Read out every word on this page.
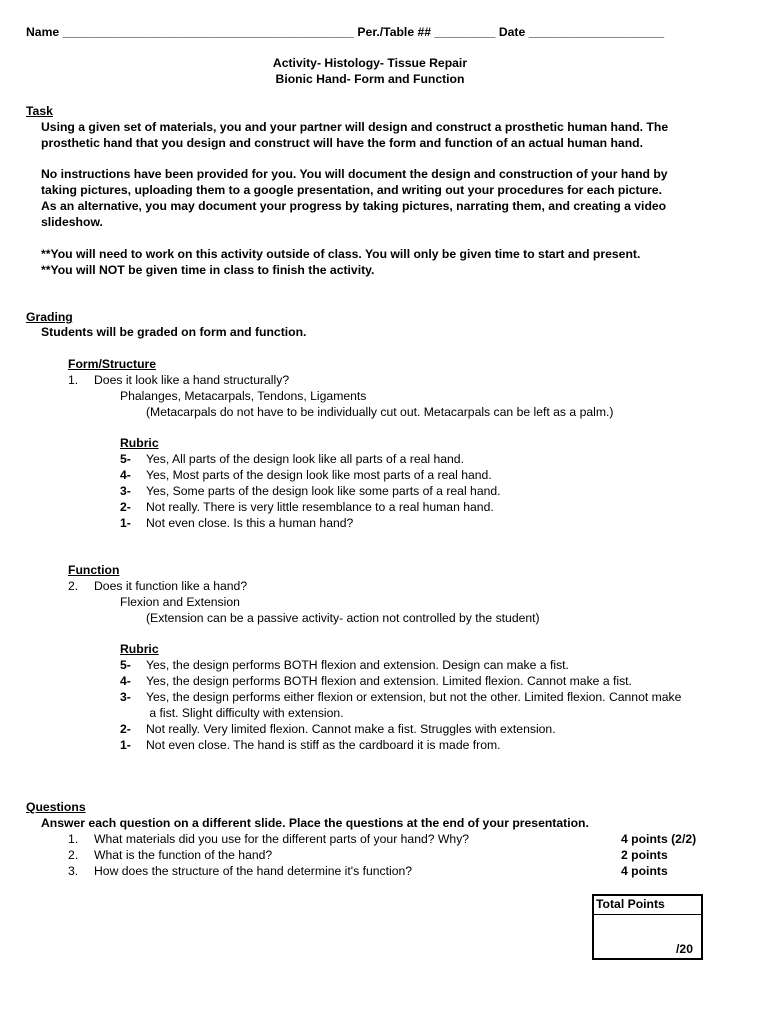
Name ___________________________________________ Per./Table ## _________ Date ____________________
Activity- Histology- Tissue Repair
Bionic Hand- Form and Function
Task
Using a given set of materials, you and your partner will design and construct a prosthetic human hand. The
prosthetic hand that you design and construct will have the form and function of an actual human hand.
No instructions have been provided for you. You will document the design and construction of your hand by
taking pictures, uploading them to a google presentation, and writing out your procedures for each picture.
As an alternative, you may document your progress by taking pictures, narrating them, and creating a video
slideshow.
**You will need to work on this activity outside of class. You will only be given time to start and present.
**You will NOT be given time in class to finish the activity.
Grading
Students will be graded on form and function.
Form/Structure
1. Does it look like a hand structurally?
Phalanges, Metacarpals, Tendons, Ligaments
(Metacarpals do not have to be individually cut out. Metacarpals can be left as a palm.)
Rubric
5- Yes, All parts of the design look like all parts of a real hand.
4- Yes, Most parts of the design look like most parts of a real hand.
3- Yes, Some parts of the design look like some parts of a real hand.
2- Not really. There is very little resemblance to a real human hand.
1- Not even close. Is this a human hand?
Function
2. Does it function like a hand?
Flexion and Extension
(Extension can be a passive activity- action not controlled by the student)
Rubric
5- Yes, the design performs BOTH flexion and extension. Design can make a fist.
4- Yes, the design performs BOTH flexion and extension. Limited flexion. Cannot make a fist.
3- Yes, the design performs either flexion or extension, but not the other. Limited flexion. Cannot make
a fist. Slight difficulty with extension.
2- Not really. Very limited flexion. Cannot make a fist. Struggles with extension.
1- Not even close. The hand is stiff as the cardboard it is made from.
Questions
Answer each question on a different slide. Place the questions at the end of your presentation.
1. What materials did you use for the different parts of your hand? Why?	4 points (2/2)
2. What is the function of the hand?	2 points
3. How does the structure of the hand determine it's function?	4 points
Total Points
/20
